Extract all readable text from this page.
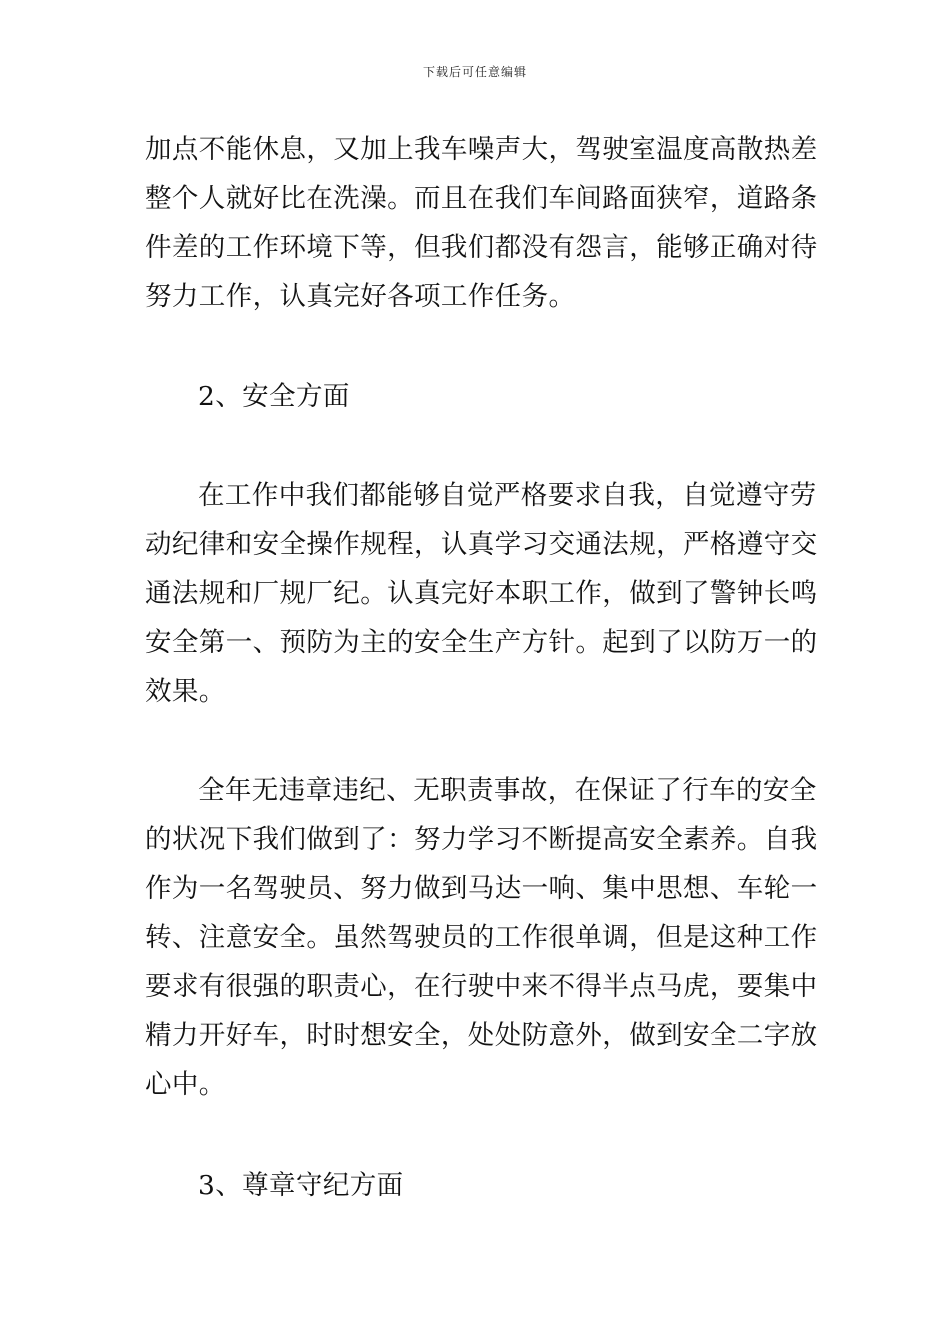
下载后可任意编辑
加点不能休息，又加上我车噪声大，驾驶室温度高散热差
整个人就好比在洗澡。而且在我们车间路面狭窄，道路条
件差的工作环境下等，但我们都没有怨言，能够正确对待
努力工作，认真完好各项工作任务。
2、安全方面
在工作中我们都能够自觉严格要求自我，自觉遵守劳
动纪律和安全操作规程，认真学习交通法规，严格遵守交
通法规和厂规厂纪。认真完好本职工作，做到了警钟长鸣
安全第一、预防为主的安全生产方针。起到了以防万一的
效果。
全年无违章违纪、无职责事故，在保证了行车的安全
的状况下我们做到了：努力学习不断提高安全素养。自我
作为一名驾驶员、努力做到马达一响、集中思想、车轮一
转、注意安全。虽然驾驶员的工作很单调，但是这种工作
要求有很强的职责心，在行驶中来不得半点马虎，要集中
精力开好车，时时想安全，处处防意外，做到安全二字放
心中。
3、尊章守纪方面
